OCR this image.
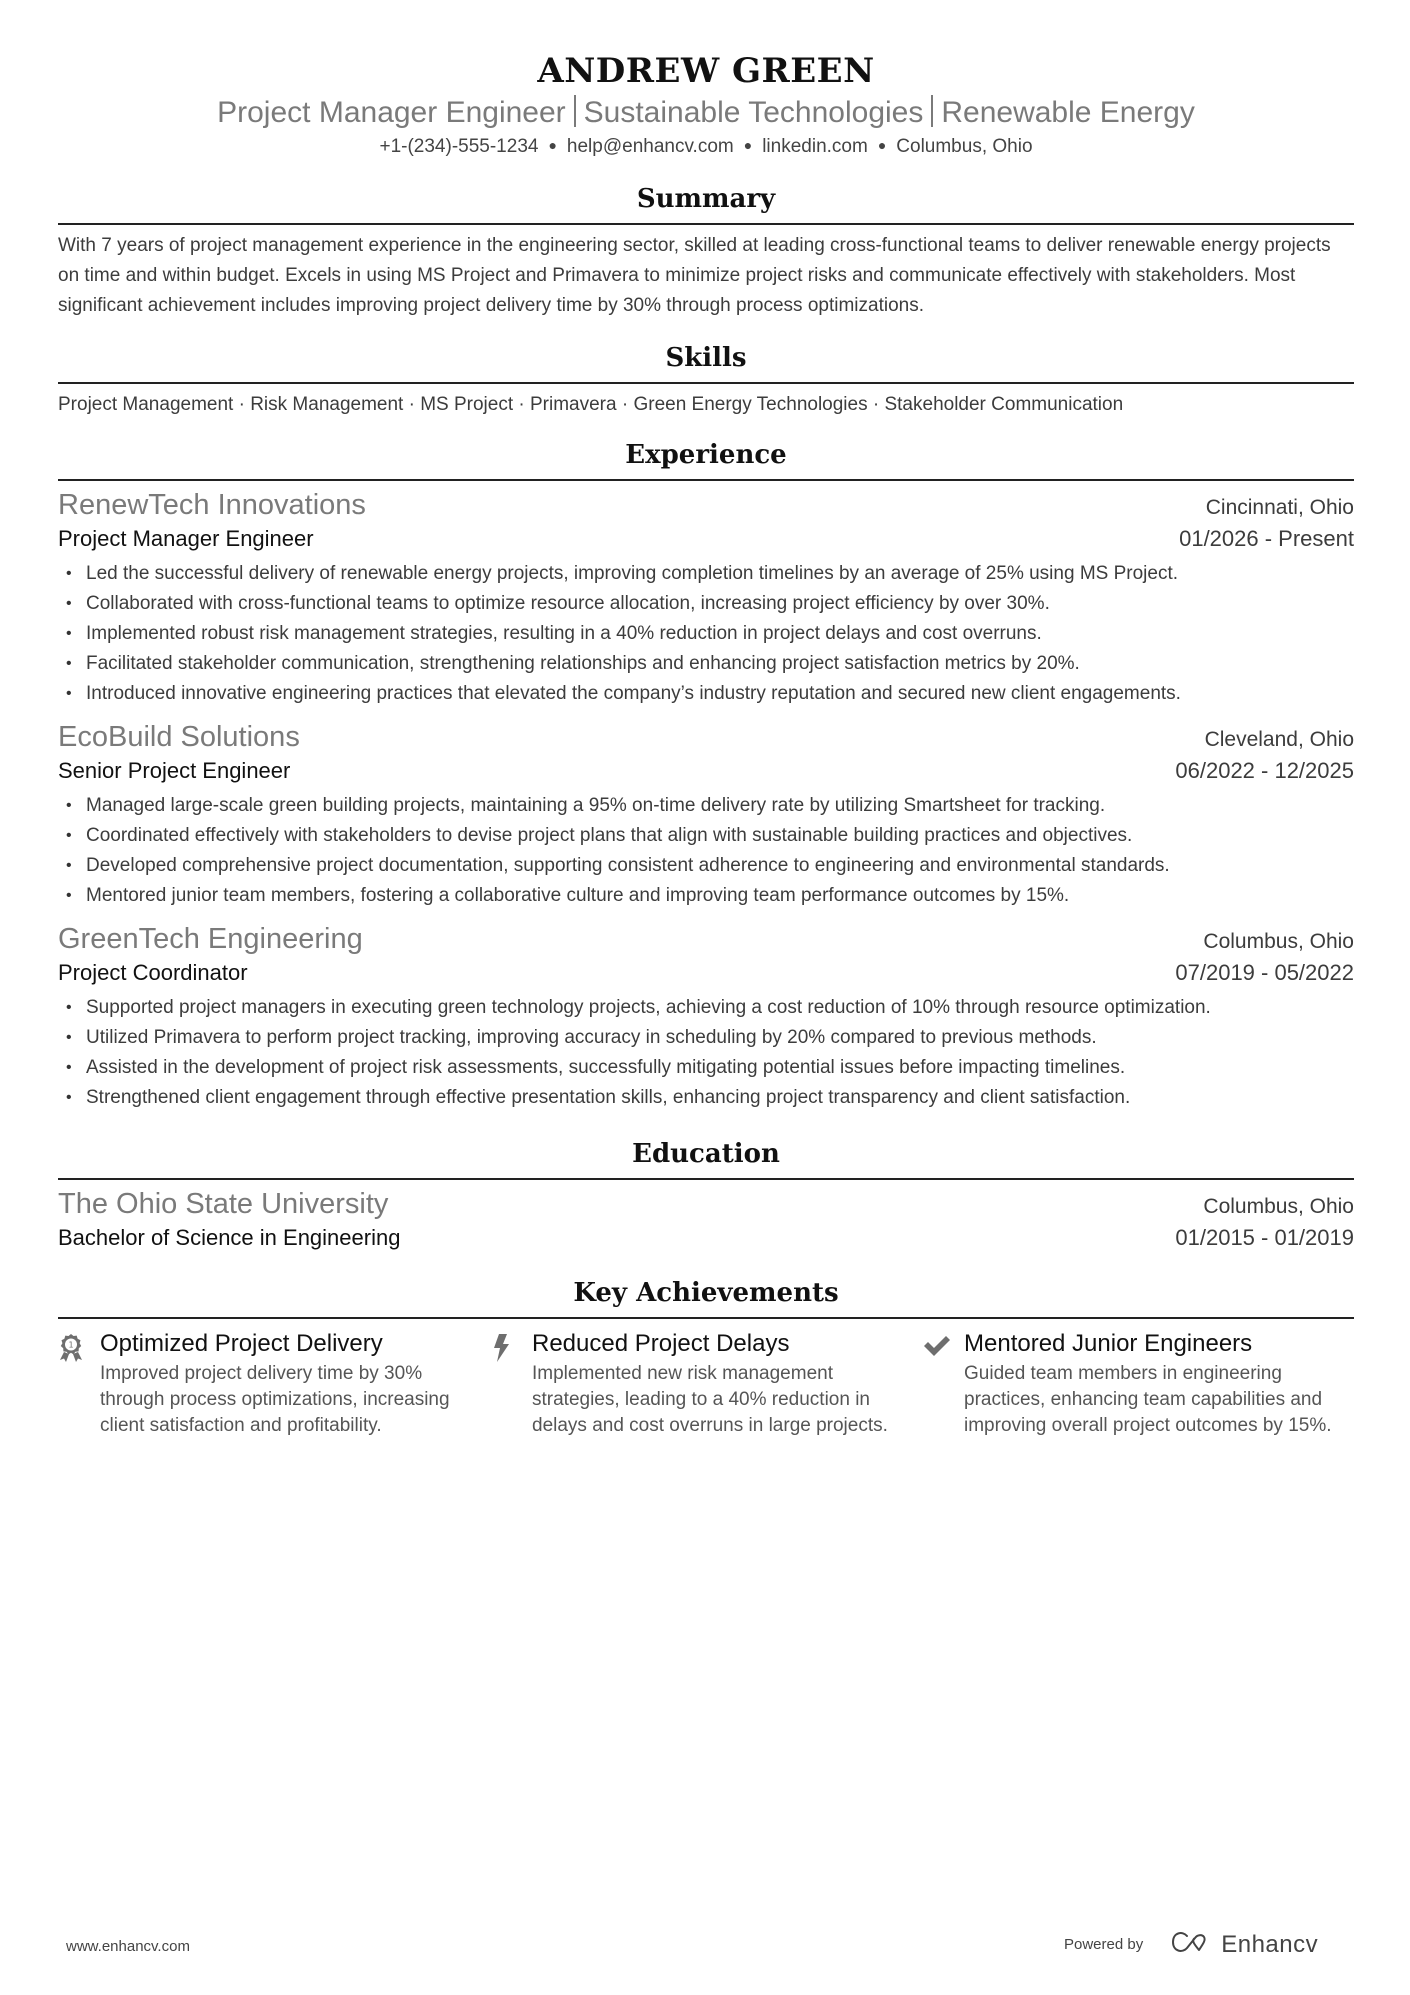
ANDREW GREEN
Project Manager Engineer Sustainable Technologies Renewable Energy
+1-(234)-555-1234 ● help@enhancv.com ● linkedin.com ● Columbus, Ohio
Summary
With 7 years of project management experience in the engineering sector, skilled at leading cross-functional teams to deliver renewable energy projects on time and within budget. Excels in using MS Project and Primavera to minimize project risks and communicate effectively with stakeholders. Most significant achievement includes improving project delivery time by 30% through process optimizations.
Skills
Project Management · Risk Management · MS Project · Primavera · Green Energy Technologies · Stakeholder Communication
Experience
RenewTech Innovations	Cincinnati, Ohio
Project Manager Engineer	01/2026 - Present
• Led the successful delivery of renewable energy projects, improving completion timelines by an average of 25% using MS Project.
• Collaborated with cross-functional teams to optimize resource allocation, increasing project efficiency by over 30%.
• Implemented robust risk management strategies, resulting in a 40% reduction in project delays and cost overruns.
• Facilitated stakeholder communication, strengthening relationships and enhancing project satisfaction metrics by 20%.
• Introduced innovative engineering practices that elevated the company’s industry reputation and secured new client engagements.
EcoBuild Solutions	Cleveland, Ohio
Senior Project Engineer	06/2022 - 12/2025
• Managed large-scale green building projects, maintaining a 95% on-time delivery rate by utilizing Smartsheet for tracking.
• Coordinated effectively with stakeholders to devise project plans that align with sustainable building practices and objectives.
• Developed comprehensive project documentation, supporting consistent adherence to engineering and environmental standards.
• Mentored junior team members, fostering a collaborative culture and improving team performance outcomes by 15%.
GreenTech Engineering	Columbus, Ohio
Project Coordinator	07/2019 - 05/2022
• Supported project managers in executing green technology projects, achieving a cost reduction of 10% through resource optimization.
• Utilized Primavera to perform project tracking, improving accuracy in scheduling by 20% compared to previous methods.
• Assisted in the development of project risk assessments, successfully mitigating potential issues before impacting timelines.
• Strengthened client engagement through effective presentation skills, enhancing project transparency and client satisfaction.
Education
The Ohio State University	Columbus, Ohio
Bachelor of Science in Engineering	01/2015 - 01/2019
Key Achievements
1 Optimized Project Delivery
Improved project delivery time by 30% through process optimizations, increasing client satisfaction and profitability.
Reduced Project Delays
Implemented new risk management strategies, leading to a 40% reduction in delays and cost overruns in large projects.
Mentored Junior Engineers
Guided team members in engineering practices, enhancing team capabilities and improving overall project outcomes by 15%.
www.enhancv.com	Powered by	Enhancv
